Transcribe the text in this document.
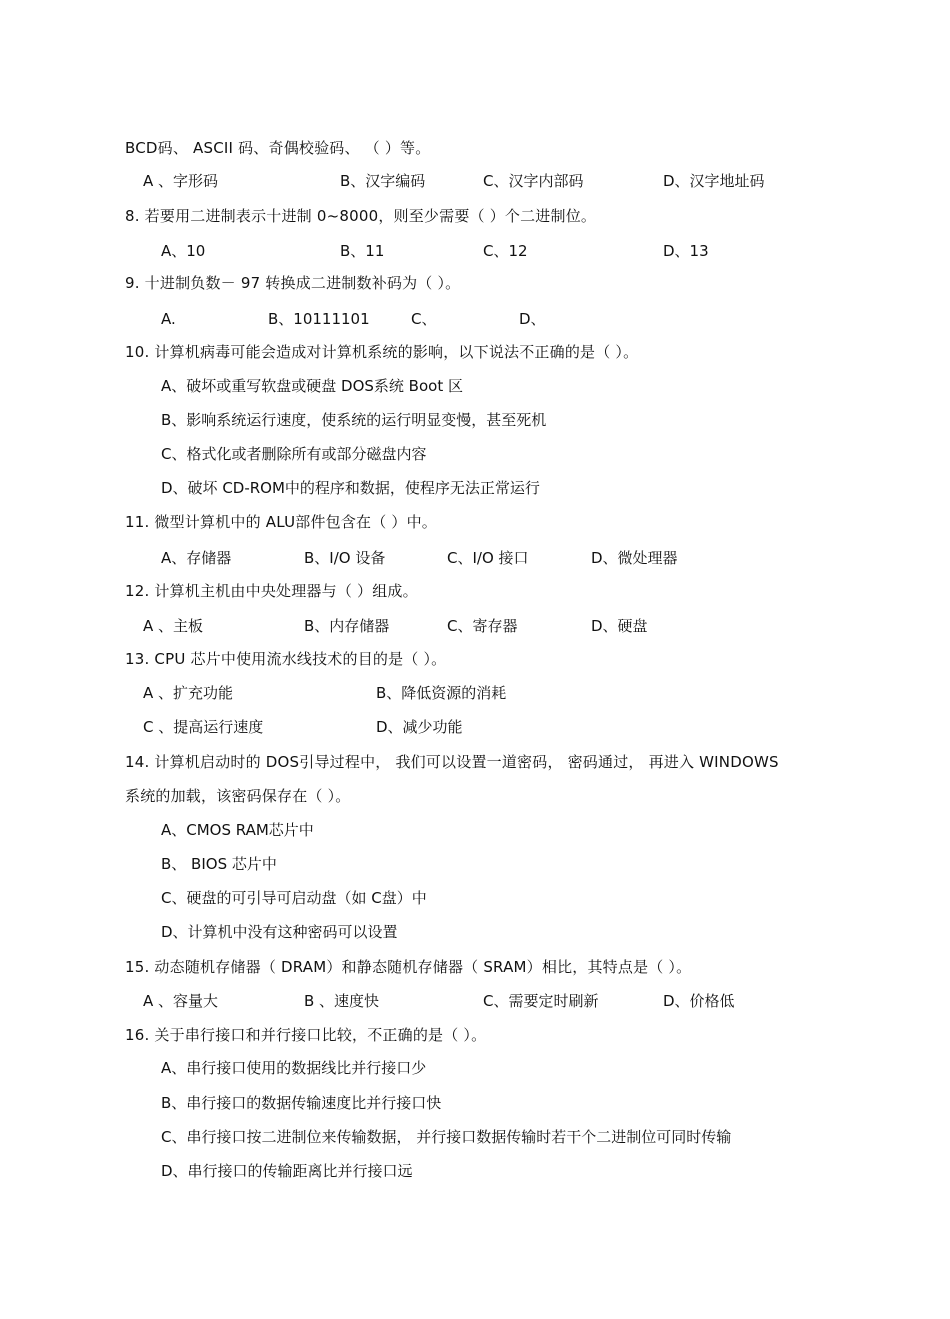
BCD码、 ASCII 码、奇偶校验码、 （ ）等。
A 、字形码	B、汉字编码	C、汉字内部码	D、汉字地址码
8. 若要用二进制表示十进制 0~8000，则至少需要（ ）个二进制位。
A、10	B、11	C、12	D、13
9. 十进制负数－ 97 转换成二进制数补码为（ ）。
A.	B、10111101	C、	D、
10. 计算机病毒可能会造成对计算机系统的影响，以下说法不正确的是（ ）。
A、破坏或重写软盘或硬盘 DOS系统 Boot 区
B、影响系统运行速度，使系统的运行明显变慢，甚至死机
C、格式化或者删除所有或部分磁盘内容
D、破坏 CD-ROM中的程序和数据，使程序无法正常运行
11. 微型计算机中的 ALU部件包含在（ ）中。
A、存储器	B、I/O 设备	C、I/O 接口	D、微处理器
12. 计算机主机由中央处理器与（ ）组成。
A 、主板	B、内存储器	C、寄存器	D、硬盘
13. CPU 芯片中使用流水线技术的目的是（ ）。
A 、扩充功能	B、降低资源的消耗
C 、提高运行速度	D、减少功能
14. 计算机启动时的 DOS引导过程中， 我们可以设置一道密码， 密码通过， 再进入 WINDOWS
系统的加载，该密码保存在（ ）。
A、CMOS RAM芯片中
B、 BIOS 芯片中
C、硬盘的可引导可启动盘（如 C盘）中
D、计算机中没有这种密码可以设置
15. 动态随机存储器（ DRAM）和静态随机存储器（ SRAM）相比，其特点是（ ）。
A 、容量大	B 、速度快	C、需要定时刷新	D、价格低
16. 关于串行接口和并行接口比较，不正确的是（ ）。
A、串行接口使用的数据线比并行接口少
B、串行接口的数据传输速度比并行接口快
C、串行接口按二进制位来传输数据， 并行接口数据传输时若干个二进制位可同时传输
D、串行接口的传输距离比并行接口远
